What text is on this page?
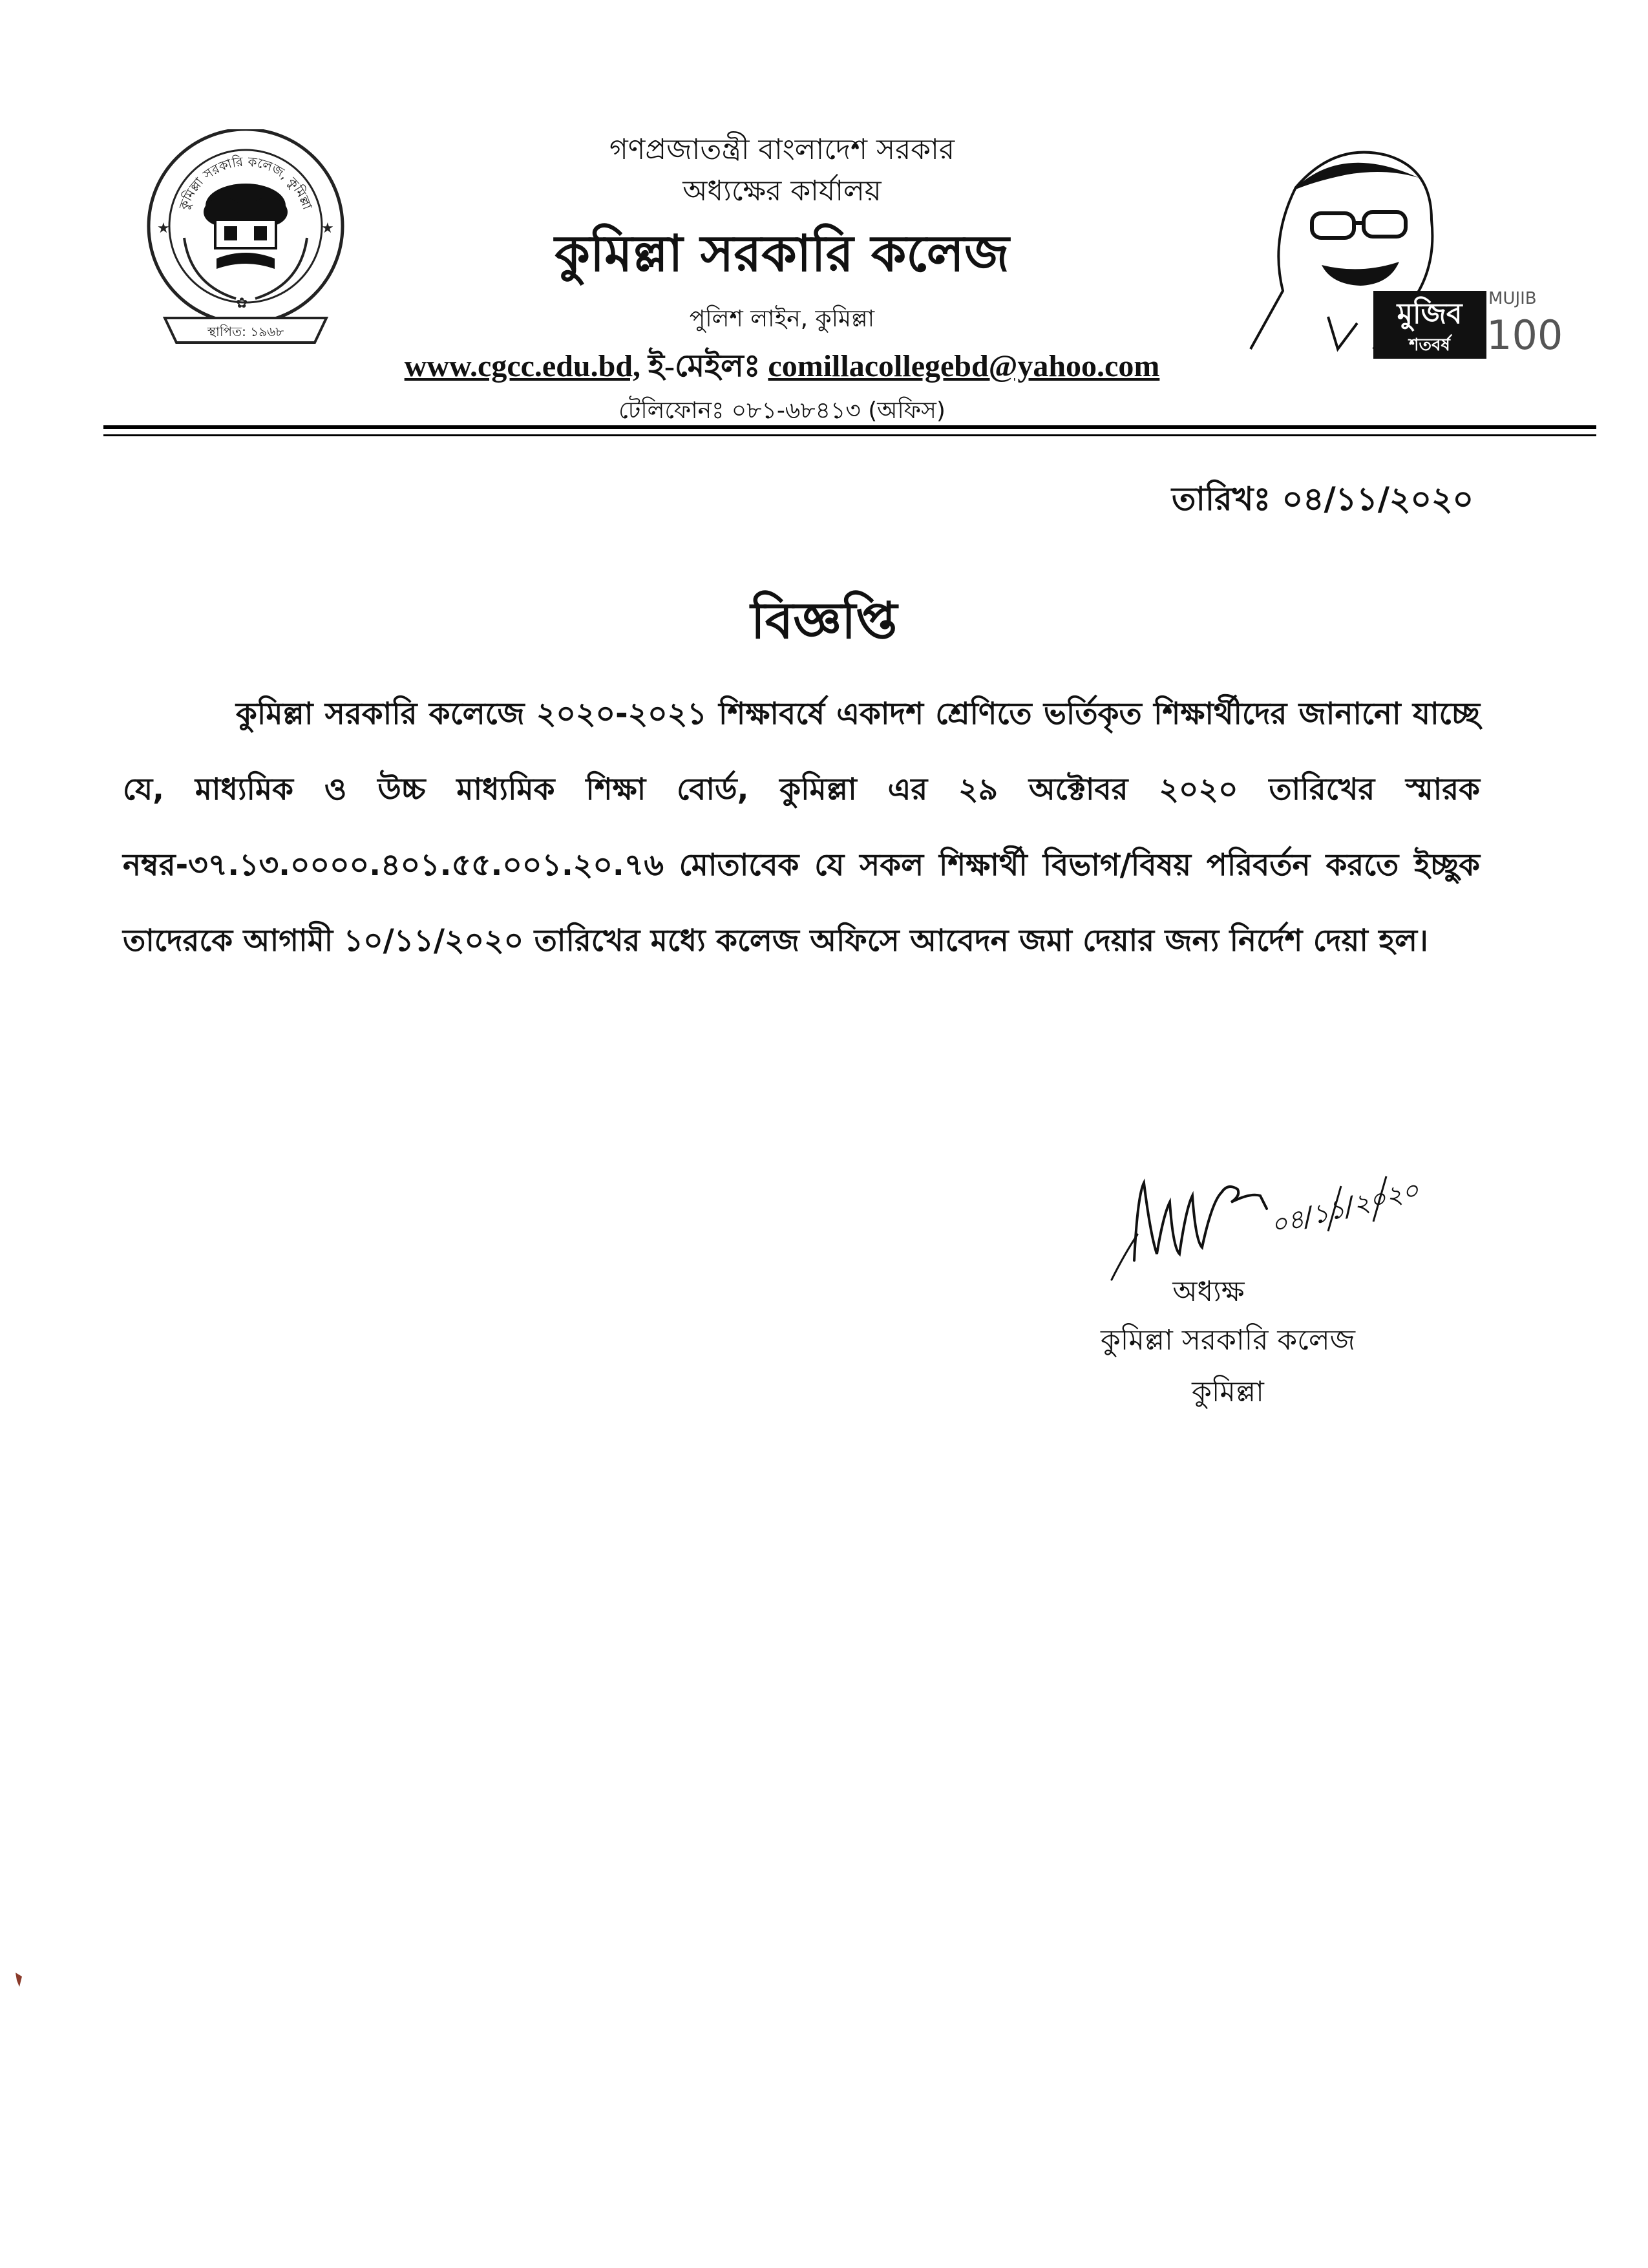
কুমিল্লা সরকারি কলেজ, কুমিল্লা
★	★
✿
স্থাপিত: ১৯৬৮
গণপ্রজাতন্ত্রী বাংলাদেশ সরকার
অধ্যক্ষের কার্যালয়
কুমিল্লা সরকারি কলেজ
পুলিশ লাইন, কুমিল্লা
www.cgcc.edu.bd, ই-মেইলঃ comillacollegebd@yahoo.com
টেলিফোনঃ ০৮১-৬৮৪১৩ (অফিস)
মুজিব
শতবর্ষ
MUJIB
100
তারিখঃ ০৪/১১/২০২০
বিজ্ঞপ্তি
কুমিল্লা সরকারি কলেজে ২০২০-২০২১ শিক্ষাবর্ষে একাদশ শ্রেণিতে ভর্তিকৃত শিক্ষার্থীদের জানানো যাচ্ছে যে, মাধ্যমিক ও উচ্চ মাধ্যমিক শিক্ষা বোর্ড, কুমিল্লা এর ২৯ অক্টোবর ২০২০ তারিখের স্মারক নম্বর-৩৭.১৩.০০০০.৪০১.৫৫.০০১.২০.৭৬ মোতাবেক যে সকল শিক্ষার্থী বিভাগ/বিষয় পরিবর্তন করতে ইচ্ছুক তাদেরকে আগামী ১০/১১/২০২০ তারিখের মধ্যে কলেজ অফিসে আবেদন জমা দেয়ার জন্য নির্দেশ দেয়া হল।
০৪/১১/২০২০
অধ্যক্ষ
কুমিল্লা সরকারি কলেজ
কুমিল্লা
